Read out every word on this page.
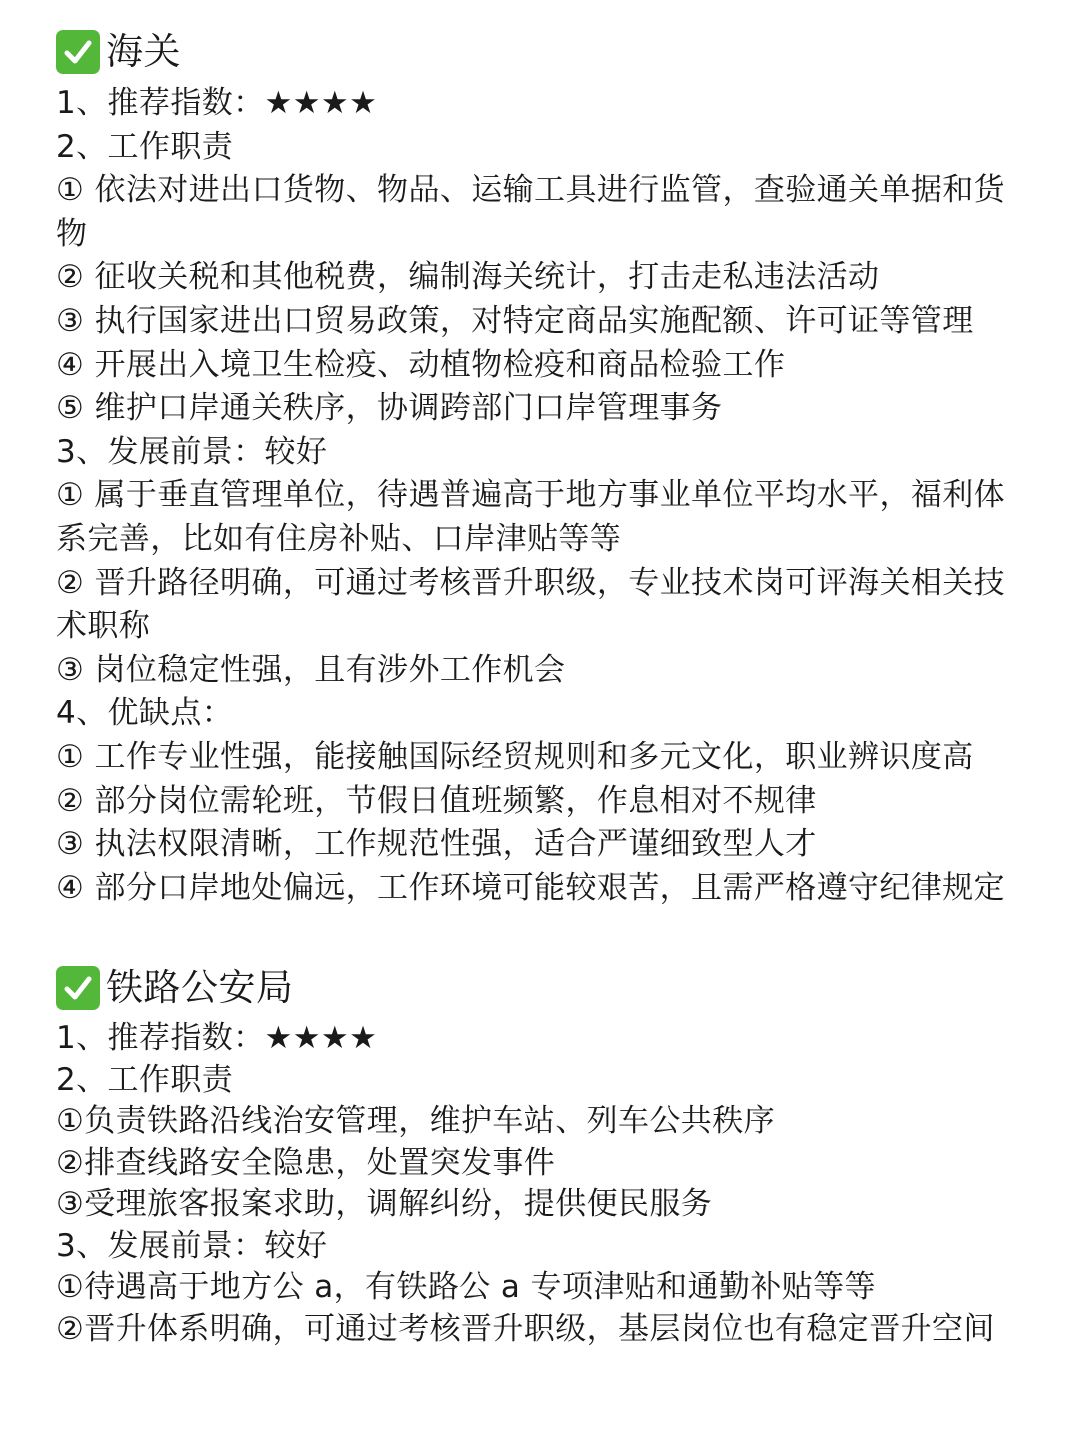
海关
1、推荐指数：★★★★
2、工作职责
① 依法对进出口货物、物品、运输工具进行监管，查验通关单据和货物
② 征收关税和其他税费，编制海关统计，打击走私违法活动
③ 执行国家进出口贸易政策，对特定商品实施配额、许可证等管理
④ 开展出入境卫生检疫、动植物检疫和商品检验工作
⑤ 维护口岸通关秩序，协调跨部门口岸管理事务
3、发展前景：较好
① 属于垂直管理单位，待遇普遍高于地方事业单位平均水平，福利体系完善，比如有住房补贴、口岸津贴等等
② 晋升路径明确，可通过考核晋升职级，专业技术岗可评海关相关技术职称
③ 岗位稳定性强，且有涉外工作机会
4、优缺点：
① 工作专业性强，能接触国际经贸规则和多元文化，职业辨识度高
② 部分岗位需轮班，节假日值班频繁，作息相对不规律
③ 执法权限清晰，工作规范性强，适合严谨细致型人才
④ 部分口岸地处偏远，工作环境可能较艰苦，且需严格遵守纪律规定
铁路公安局
1、推荐指数：★★★★
2、工作职责
①负责铁路沿线治安管理，维护车站、列车公共秩序
②排查线路安全隐患，处置突发事件
③受理旅客报案求助，调解纠纷，提供便民服务
3、发展前景：较好
①待遇高于地方公 a，有铁路公 a 专项津贴和通勤补贴等等
②晋升体系明确，可通过考核晋升职级，基层岗位也有稳定晋升空间
